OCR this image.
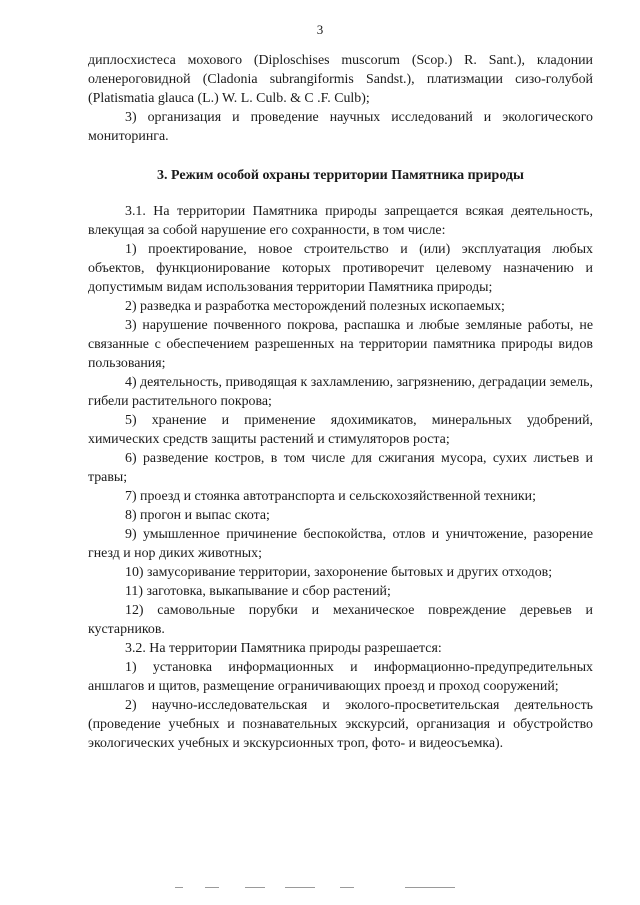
3

диплосхистеса мохового (Diploschises muscorum (Scop.) R. Sant.), кладонии оленероговидной (Cladonia subrangiformis Sandst.), платизмации сизо-голубой (Platismatia glauca (L.) W. L. Culb. & C .F. Culb);

3) организация и проведение научных исследований и экологического мониторинга.

3. Режим особой охраны территории Памятника природы

3.1. На территории Памятника природы запрещается всякая деятельность, влекущая за собой нарушение его сохранности, в том числе:

1) проектирование, новое строительство и (или) эксплуатация любых объектов, функционирование которых противоречит целевому назначению и допустимым видам использования территории Памятника природы;

2) разведка и разработка месторождений полезных ископаемых;

3) нарушение почвенного покрова, распашка и любые земляные работы, не связанные с обеспечением разрешенных на территории памятника природы видов пользования;

4) деятельность, приводящая к захламлению, загрязнению, деградации земель, гибели растительного покрова;

5) хранение и применение ядохимикатов, минеральных удобрений, химических средств защиты растений и стимуляторов роста;

6) разведение костров, в том числе для сжигания мусора, сухих листьев и травы;

7) проезд и стоянка автотранспорта и сельскохозяйственной техники;

8) прогон и выпас скота;

9) умышленное причинение беспокойства, отлов и уничтожение, разорение гнезд и нор диких животных;

10) замусоривание территории, захоронение бытовых и других отходов;

11) заготовка, выкапывание и сбор растений;

12) самовольные порубки и механическое повреждение деревьев и кустарников.

3.2. На территории Памятника природы разрешается:

1) установка информационных и информационно-предупредительных аншлагов и щитов, размещение ограничивающих проезд и проход сооружений;

2) научно-исследовательская и эколого-просветительская деятельность (проведение учебных и познавательных экскурсий, организация и обустройство экологических учебных и экскурсионных троп, фото- и видеосъемка).
